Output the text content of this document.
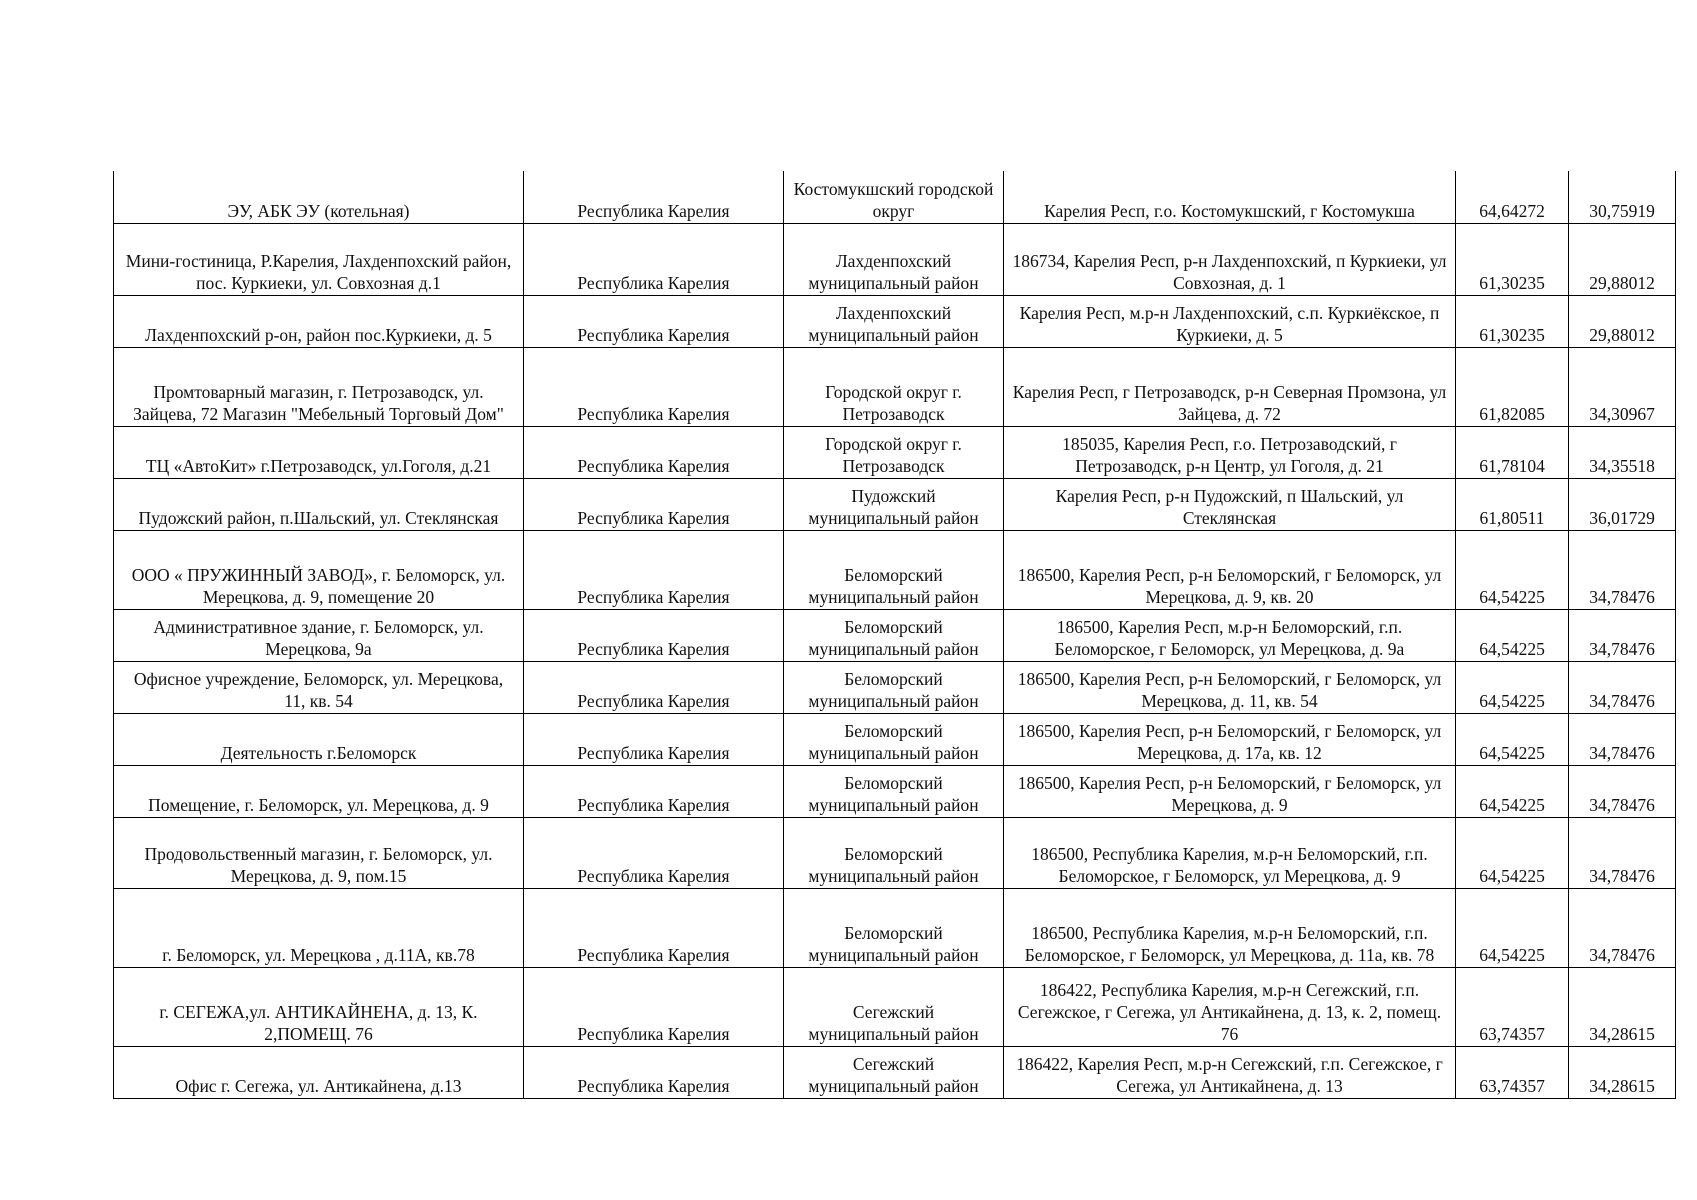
ЭУ, АБК ЭУ (котельная)	Республика Карелия	Костомукшский городской округ	Карелия Респ, г.о. Костомукшский, г Костомукша	64,64272	30,75919
Мини-гостиница, Р.Карелия, Лахденпохский район, пос. Куркиеки, ул. Совхозная д.1	Республика Карелия	Лахденпохский муниципальный район	186734, Карелия Респ, р-н Лахденпохский, п Куркиеки, ул Совхозная, д. 1	61,30235	29,88012
Лахденпохский р-он, район пос.Куркиеки, д. 5	Республика Карелия	Лахденпохский муниципальный район	Карелия Респ, м.р-н Лахденпохский, с.п. Куркиёкское, п Куркиеки, д. 5	61,30235	29,88012
Промтоварный магазин, г. Петрозаводск, ул. Зайцева, 72 Магазин "Мебельный Торговый Дом"	Республика Карелия	Городской округ г. Петрозаводск	Карелия Респ, г Петрозаводск, р-н Северная Промзона, ул Зайцева, д. 72	61,82085	34,30967
ТЦ «АвтоКит» г.Петрозаводск, ул.Гоголя, д.21	Республика Карелия	Городской округ г. Петрозаводск	185035, Карелия Респ, г.о. Петрозаводский, г Петрозаводск, р-н Центр, ул Гоголя, д. 21	61,78104	34,35518
Пудожский район, п.Шальский, ул. Стеклянская	Республика Карелия	Пудожский муниципальный район	Карелия Респ, р-н Пудожский, п Шальский, ул Стеклянская	61,80511	36,01729
ООО « ПРУЖИННЫЙ ЗАВОД», г. Беломорск, ул. Мерецкова, д. 9, помещение 20	Республика Карелия	Беломорский муниципальный район	186500, Карелия Респ, р-н Беломорский, г Беломорск, ул Мерецкова, д. 9, кв. 20	64,54225	34,78476
Административное здание, г. Беломорск, ул. Мерецкова, 9а	Республика Карелия	Беломорский муниципальный район	186500, Карелия Респ, м.р-н Беломорский, г.п. Беломорское, г Беломорск, ул Мерецкова, д. 9а	64,54225	34,78476
Офисное учреждение, Беломорск, ул. Мерецкова, 11, кв. 54	Республика Карелия	Беломорский муниципальный район	186500, Карелия Респ, р-н Беломорский, г Беломорск, ул Мерецкова, д. 11, кв. 54	64,54225	34,78476
Деятельность г.Беломорск	Республика Карелия	Беломорский муниципальный район	186500, Карелия Респ, р-н Беломорский, г Беломорск, ул Мерецкова, д. 17а, кв. 12	64,54225	34,78476
Помещение, г. Беломорск, ул. Мерецкова, д. 9	Республика Карелия	Беломорский муниципальный район	186500, Карелия Респ, р-н Беломорский, г Беломорск, ул Мерецкова, д. 9	64,54225	34,78476
Продовольственный магазин, г. Беломорск, ул. Мерецкова, д. 9, пом.15	Республика Карелия	Беломорский муниципальный район	186500, Республика Карелия, м.р-н Беломорский, г.п. Беломорское, г Беломорск, ул Мерецкова, д. 9	64,54225	34,78476
г. Беломорск, ул. Мерецкова , д.11А, кв.78	Республика Карелия	Беломорский муниципальный район	186500, Республика Карелия, м.р-н Беломорский, г.п. Беломорское, г Беломорск, ул Мерецкова, д. 11а, кв. 78	64,54225	34,78476
г. СЕГЕЖА,ул. АНТИКАЙНЕНА, д. 13, К. 2,ПОМЕЩ. 76	Республика Карелия	Сегежский муниципальный район	186422, Республика Карелия, м.р-н Сегежский, г.п. Сегежское, г Сегежа, ул Антикайнена, д. 13, к. 2, помещ. 76	63,74357	34,28615
Офис г. Сегежа, ул. Антикайнена, д.13	Республика Карелия	Сегежский муниципальный район	186422, Карелия Респ, м.р-н Сегежский, г.п. Сегежское, г Сегежа, ул Антикайнена, д. 13	63,74357	34,28615
